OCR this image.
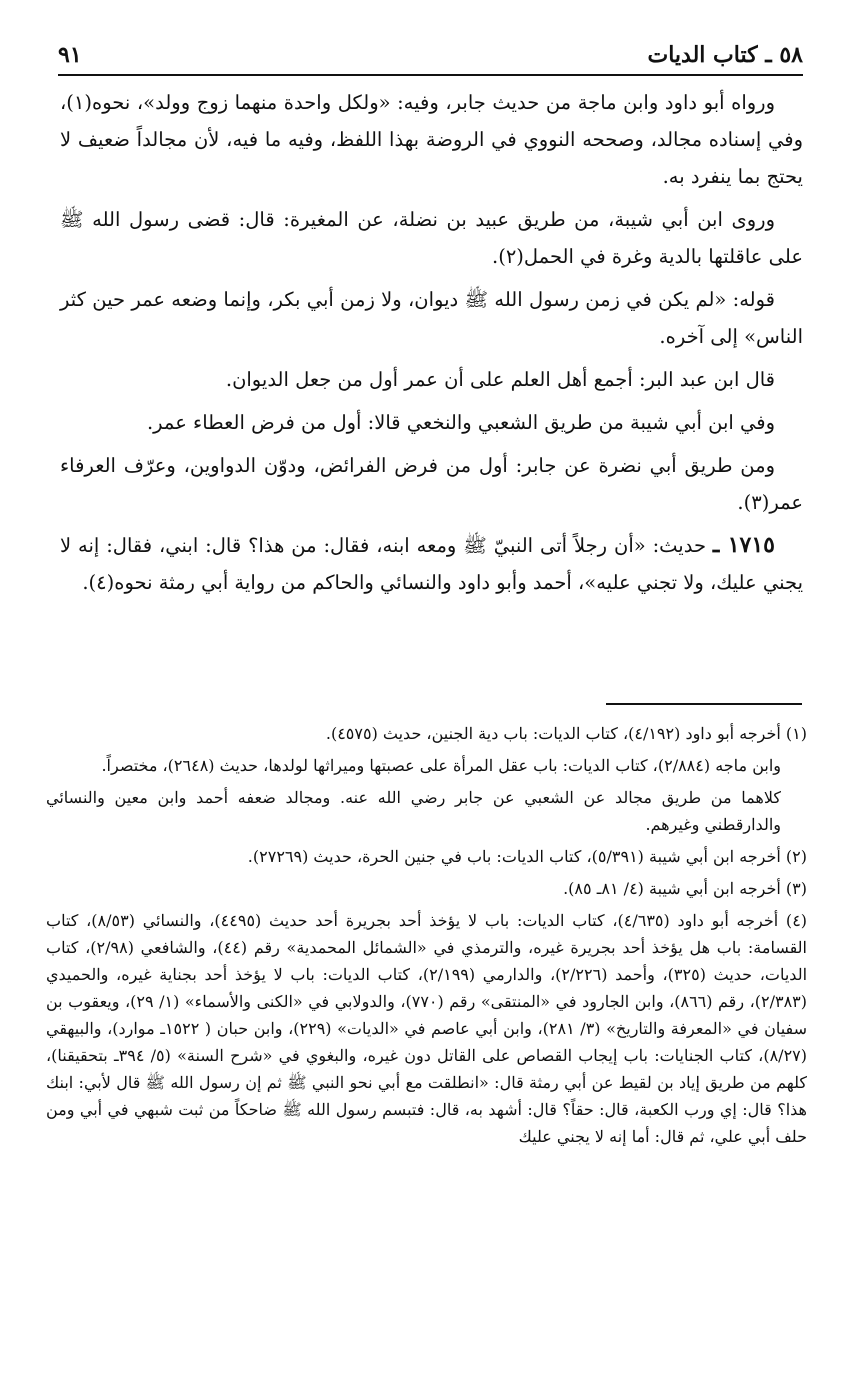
٥٨ ـ كتاب الديات
٩١

ورواه أبو داود وابن ماجة من حديث جابر، وفيه: «ولكل واحدة منهما زوج وولد»، نحوه(١)، وفي إسناده مجالد، وصححه النووي في الروضة بهذا اللفظ، وفيه ما فيه، لأن مجالداً ضعيف لا يحتج بما ينفرد به.

وروى ابن أبي شيبة، من طريق عبيد بن نضلة، عن المغيرة: قال: قضى رسول الله ﷺ على عاقلتها بالدية وغرة في الحمل(٢).

قوله: «لم يكن في زمن رسول الله ﷺ ديوان، ولا زمن أبي بكر، وإنما وضعه عمر حين كثر الناس» إلى آخره.

قال ابن عبد البر: أجمع أهل العلم على أن عمر أول من جعل الديوان.

وفي ابن أبي شيبة من طريق الشعبي والنخعي قالا: أول من فرض العطاء عمر.

ومن طريق أبي نضرة عن جابر: أول من فرض الفرائض، ودوّن الدواوين، وعرّف العرفاء عمر(٣).

١٧١٥ ـ حديث: «أن رجلاً أتى النبيّ ﷺ ومعه ابنه، فقال: من هذا؟ قال: ابني، فقال: إنه لا يجني عليك، ولا تجني عليه»، أحمد وأبو داود والنسائي والحاكم من رواية أبي رمثة نحوه(٤).

(١) أخرجه أبو داود (٤/١٩٢)، كتاب الديات: باب دية الجنين، حديث (٤٥٧٥).

وابن ماجه (٢/٨٨٤)، كتاب الديات: باب عقل المرأة على عصبتها وميراثها لولدها، حديث (٢٦٤٨)، مختصراً.

كلاهما من طريق مجالد عن الشعبي عن جابر رضي الله عنه. ومجالد ضعفه أحمد وابن معين والنسائي والدارقطني وغيرهم.

(٢) أخرجه ابن أبي شيبة (٥/٣٩١)، كتاب الديات: باب في جنين الحرة، حديث (٢٧٢٦٩).

(٣) أخرجه ابن أبي شيبة (٤/ ٨١ـ ٨٥).

(٤) أخرجه أبو داود (٤/٦٣٥)، كتاب الديات: باب لا يؤخذ أحد بجريرة أحد حديث (٤٤٩٥)، والنسائي (٨/٥٣)، كتاب القسامة: باب هل يؤخذ أحد بجريرة غيره، والترمذي في «الشمائل المحمدية» رقم (٤٤)، والشافعي (٢/٩٨)، كتاب الديات، حديث (٣٢٥)، وأحمد (٢/٢٢٦)، والدارمي (٢/١٩٩)، كتاب الديات: باب لا يؤخذ أحد بجناية غيره، والحميدي (٢/٣٨٣)، رقم (٨٦٦)، وابن الجارود في «المنتقى» رقم (٧٧٠)، والدولابي في «الكنى والأسماء» (١/ ٢٩)، ويعقوب بن سفيان في «المعرفة والتاريخ» (٣/ ٢٨١)، وابن أبي عاصم في «الديات» (٢٢٩)، وابن حبان ( ١٥٢٢ـ موارد)، والبيهقي (٨/٢٧)، كتاب الجنايات: باب إيجاب القصاص على القاتل دون غيره، والبغوي في «شرح السنة» (٥/ ٣٩٤ـ بتحقيقنا)، كلهم من طريق إياد بن لقيط عن أبي رمثة قال: «انطلقت مع أبي نحو النبي ﷺ ثم إن رسول الله ﷺ قال لأبي: ابنك هذا؟ قال: إي ورب الكعبة، قال: حقاً؟ قال: أشهد به، قال: فتبسم رسول الله ﷺ ضاحكاً من ثبت شبهي في أبي ومن حلف أبي علي، ثم قال: أما إنه لا يجني عليك
